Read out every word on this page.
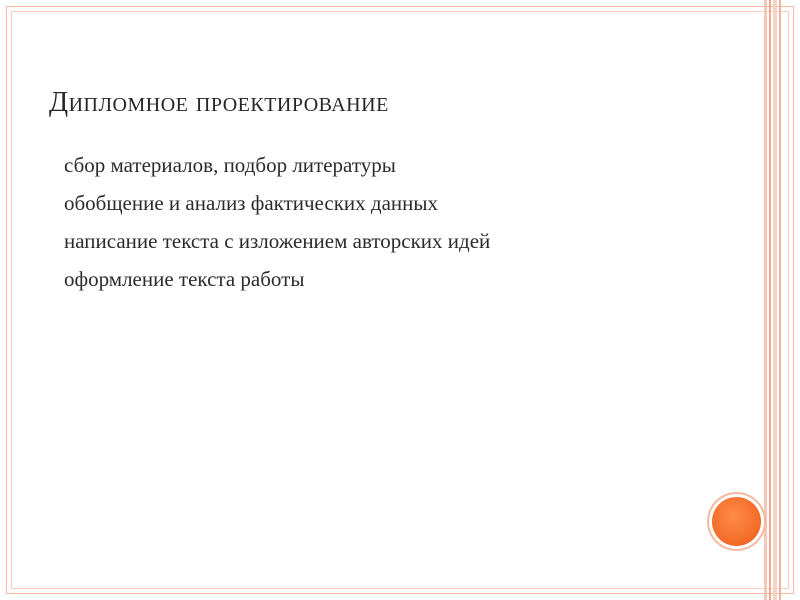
Дипломное проектирование
сбор материалов, подбор литературы
обобщение и анализ фактических данных
написание текста с изложением авторских идей
оформление текста работы
